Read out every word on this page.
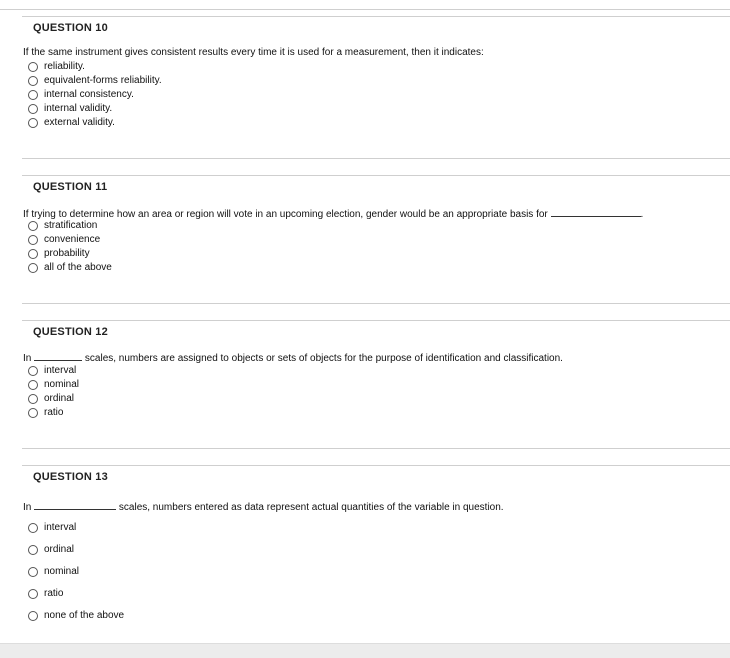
QUESTION 10
If the same instrument gives consistent results every time it is used for a measurement, then it indicates:
reliability.
equivalent-forms reliability.
internal consistency.
internal validity.
external validity.
QUESTION 11
If trying to determine how an area or region will vote in an upcoming election, gender would be an appropriate basis for	.
stratification
convenience
probability
all of the above
QUESTION 12
In	scales, numbers are assigned to objects or sets of objects for the purpose of identification and classification.
interval
nominal
ordinal
ratio
QUESTION 13
In	scales, numbers entered as data represent actual quantities of the variable in question.
interval
ordinal
nominal
ratio
none of the above
